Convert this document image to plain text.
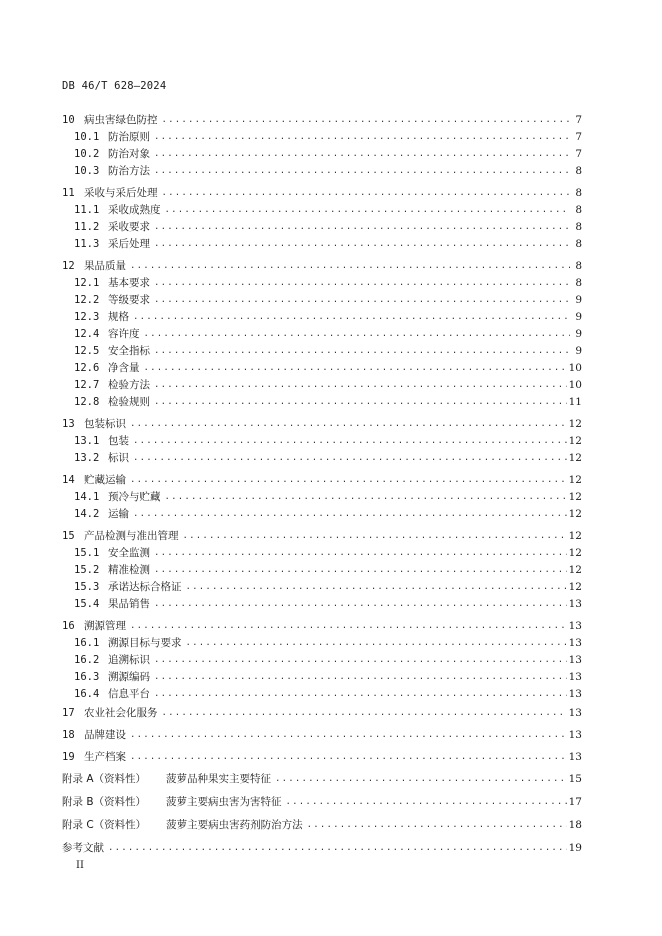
DB 46/T 628—2024
10 病虫害绿色防控 .....	7
10.1 防治原则 .....	7
10.2 防治对象 .....	7
10.3 防治方法 .....	8
11 采收与采后处理 .....	8
11.1 采收成熟度 .....	8
11.2 采收要求 .....	8
11.3 采后处理 .....	8
12 果品质量 .....	8
12.1 基本要求 .....	8
12.2 等级要求 .....	9
12.3 规格 .....	9
12.4 容许度 .....	9
12.5 安全指标 .....	9
12.6 净含量 .....	10
12.7 检验方法 .....	10
12.8 检验规则 .....	11
13 包装标识 .....	12
13.1 包装 .....	12
13.2 标识 .....	12
14 贮藏运输 .....	12
14.1 预冷与贮藏 .....	12
14.2 运输 .....	12
15 产品检测与准出管理 .....	12
15.1 安全监测 .....	12
15.2 精准检测 .....	12
15.3 承诺达标合格证 .....	12
15.4 果品销售 .....	13
16 溯源管理 .....	13
16.1 溯源目标与要求 .....	13
16.2 追溯标识 .....	13
16.3 溯源编码 .....	13
16.4 信息平台 .....	13
17 农业社会化服务 .....	13
18 品牌建设 .....	13
19 生产档案 .....	13
附录 A（资料性） 菠萝品种果实主要特征 .....	15
附录 B（资料性） 菠萝主要病虫害为害特征 .....	17
附录 C（资料性） 菠萝主要病虫害药剂防治方法 .....	18
参考文献 .....	19
II
